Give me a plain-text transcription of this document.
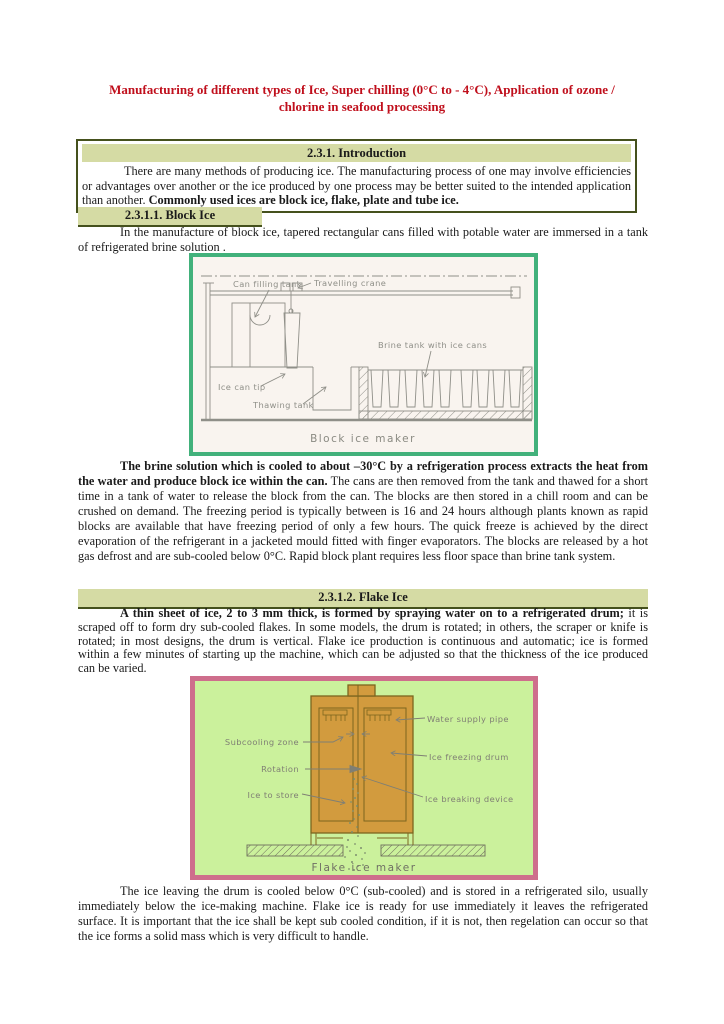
Manufacturing of different types of Ice, Super chilling (0°C to - 4°C), Application of ozone /
chlorine in seafood processing
2.3.1. Introduction

There are many methods of producing ice. The manufacturing process of one may involve efficiencies or advantages over another or the ice produced by one process may be better suited to the intended application than another. Commonly used ices are block ice, flake, plate and tube ice.

2.3.1.1. Block Ice

In the manufacture of block ice, tapered rectangular cans filled with potable water are immersed in a tank of refrigerated brine solution .

Can filling tank Travelling crane
Brine tank with ice cans
Ice can tip
Thawing tank
Block ice maker

The brine solution which is cooled to about –30°C by a refrigeration process extracts the heat from the water and produce block ice within the can. The cans are then removed from the tank and thawed for a short time in a tank of water to release the block from the can. The blocks are then stored in a chill room and can be crushed on demand. The freezing period is typically between is 16 and 24 hours although plants known as rapid blocks are available that have freezing period of only a few hours. The quick freeze is achieved by the direct evaporation of the refrigerant in a jacketed mould fitted with finger evaporators. The blocks are released by a hot gas defrost and are sub-cooled below 0°C. Rapid block plant requires less floor space than brine tank system.

2.3.1.2. Flake Ice

A thin sheet of ice, 2 to 3 mm thick, is formed by spraying water on to a refrigerated drum; it is scraped off to form dry sub-cooled flakes. In some models, the drum is rotated; in others, the scraper or knife is rotated; in most designs, the drum is vertical. Flake ice production is continuous and automatic; ice is formed within a few minutes of starting up the machine, which can be adjusted so that the thickness of the ice produced can be varied.

Water supply pipe
Ice freezing drum
Ice breaking device
Subcooling zone
Rotation
Ice to store
Flake ice maker

The ice leaving the drum is cooled below 0°C (sub-cooled) and is stored in a refrigerated silo, usually immediately below the ice-making machine. Flake ice is ready for use immediately it leaves the refrigerated surface. It is important that the ice shall be kept sub cooled condition, if it is not, then regelation can occur so that the ice forms a solid mass which is very difficult to handle.
